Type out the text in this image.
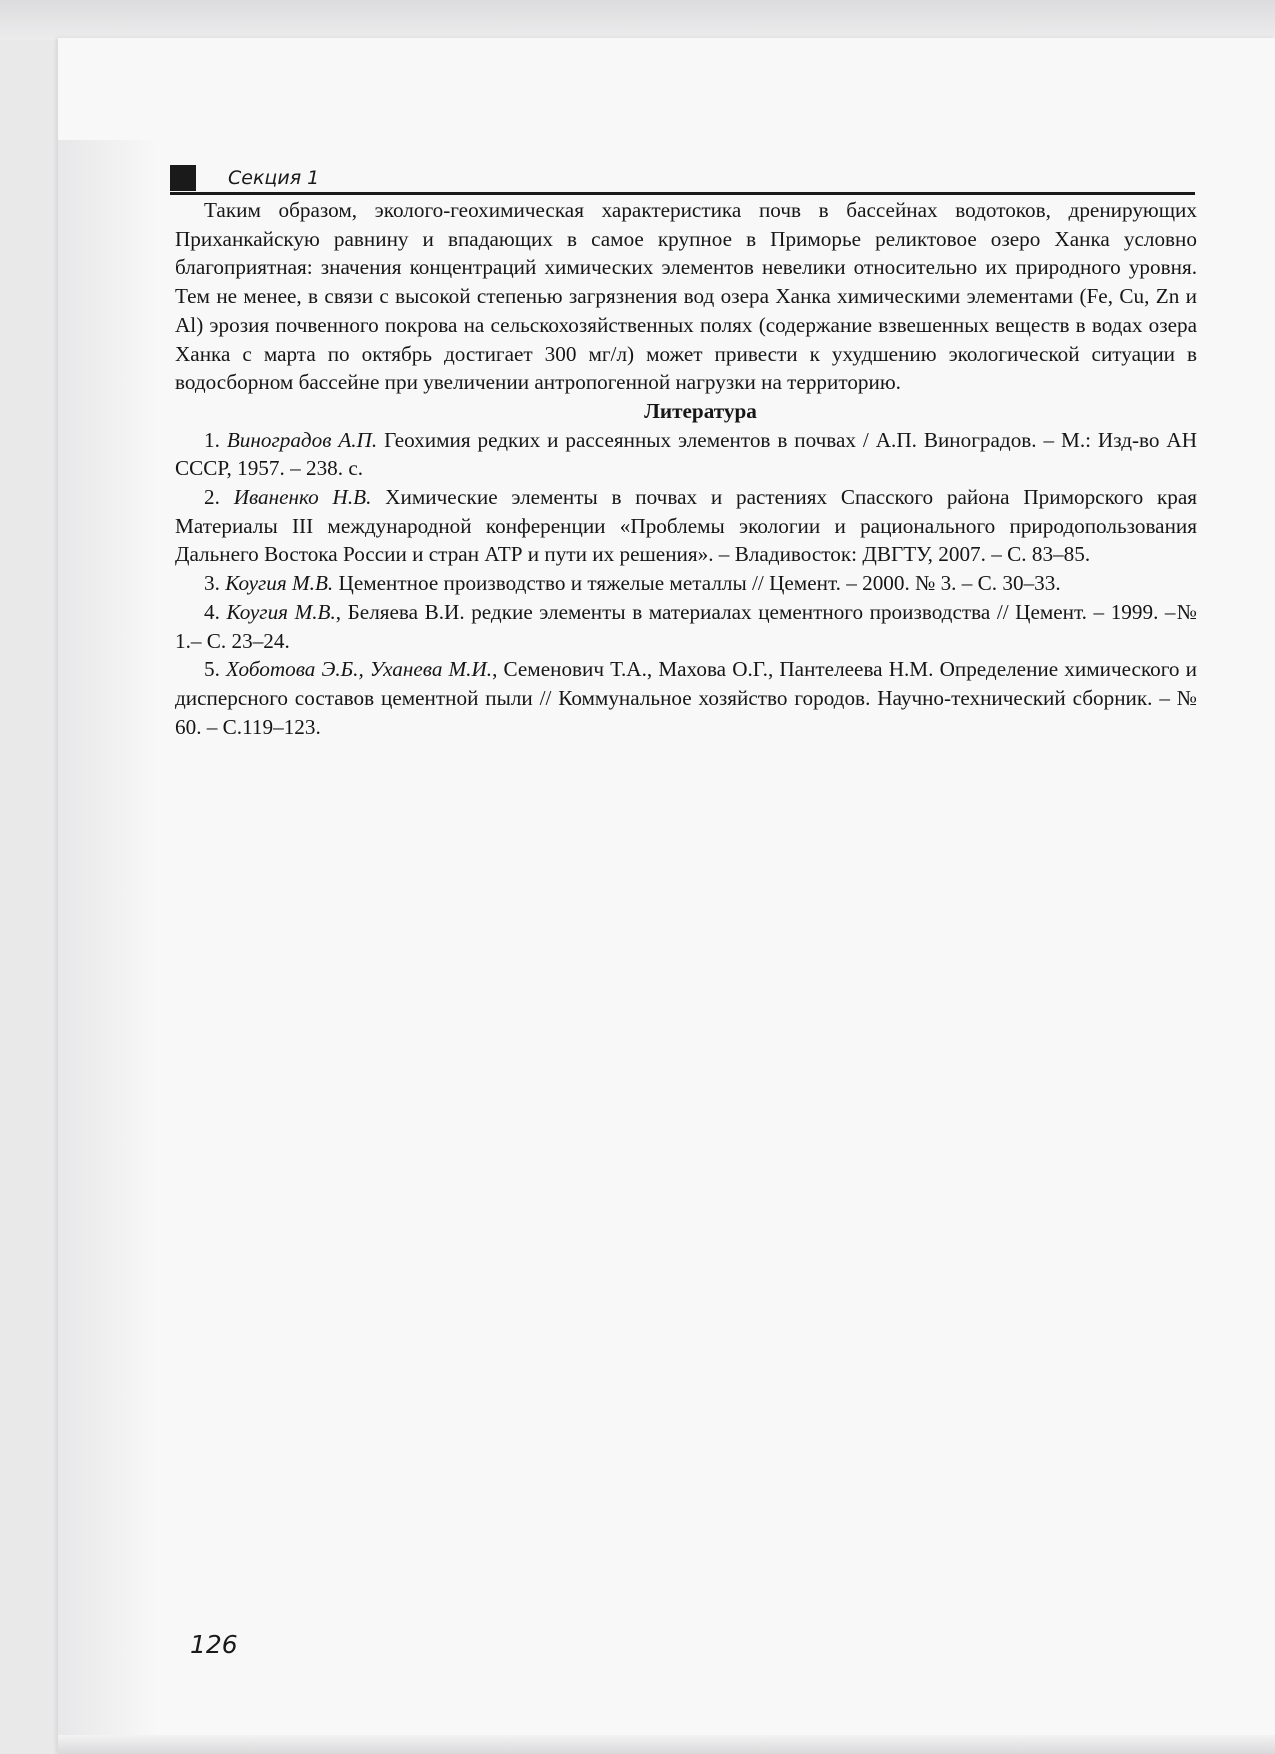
Секция 1

Таким образом, эколого-геохимическая характеристика почв в бассейнах водотоков, дренирующих Приханкайскую равнину и впадающих в самое крупное в Приморье реликтовое озеро Ханка условно благоприятная: значения концентраций химических элементов невелики относительно их природного уровня. Тем не менее, в связи с высокой степенью загрязнения вод озера Ханка химическими элементами (Fe, Cu, Zn и Al) эрозия почвенного покрова на сельскохозяйственных полях (содержание взвешенных веществ в водах озера Ханка с марта по октябрь достигает 300 мг/л) может привести к ухудшению экологической ситуации в водосборном бассейне при увеличении антропогенной нагрузки на территорию.

Литература

1. Виноградов А.П. Геохимия редких и рассеянных элементов в почвах / А.П. Виноградов. – М.: Изд-во АН СССР, 1957. – 238. с.

2. Иваненко Н.В. Химические элементы в почвах и растениях Спасского района Приморского края Материалы III международной конференции «Проблемы экологии и рационального природопользования Дальнего Востока России и стран АТР и пути их решения». – Владивосток: ДВГТУ, 2007. – С. 83–85.

3. Коугия М.В. Цементное производство и тяжелые металлы // Цемент. – 2000. № 3. – С. 30–33.

4. Коугия М.В., Беляева В.И. редкие элементы в материалах цементного производства // Цемент. – 1999. –№ 1.– С. 23–24.

5. Хоботова Э.Б., Уханева М.И., Семенович Т.А., Махова О.Г., Пантелеева Н.М. Определение химического и дисперсного составов цементной пыли // Коммунальное хозяйство городов. Научно-технический сборник. – № 60. – С.119–123.

126
